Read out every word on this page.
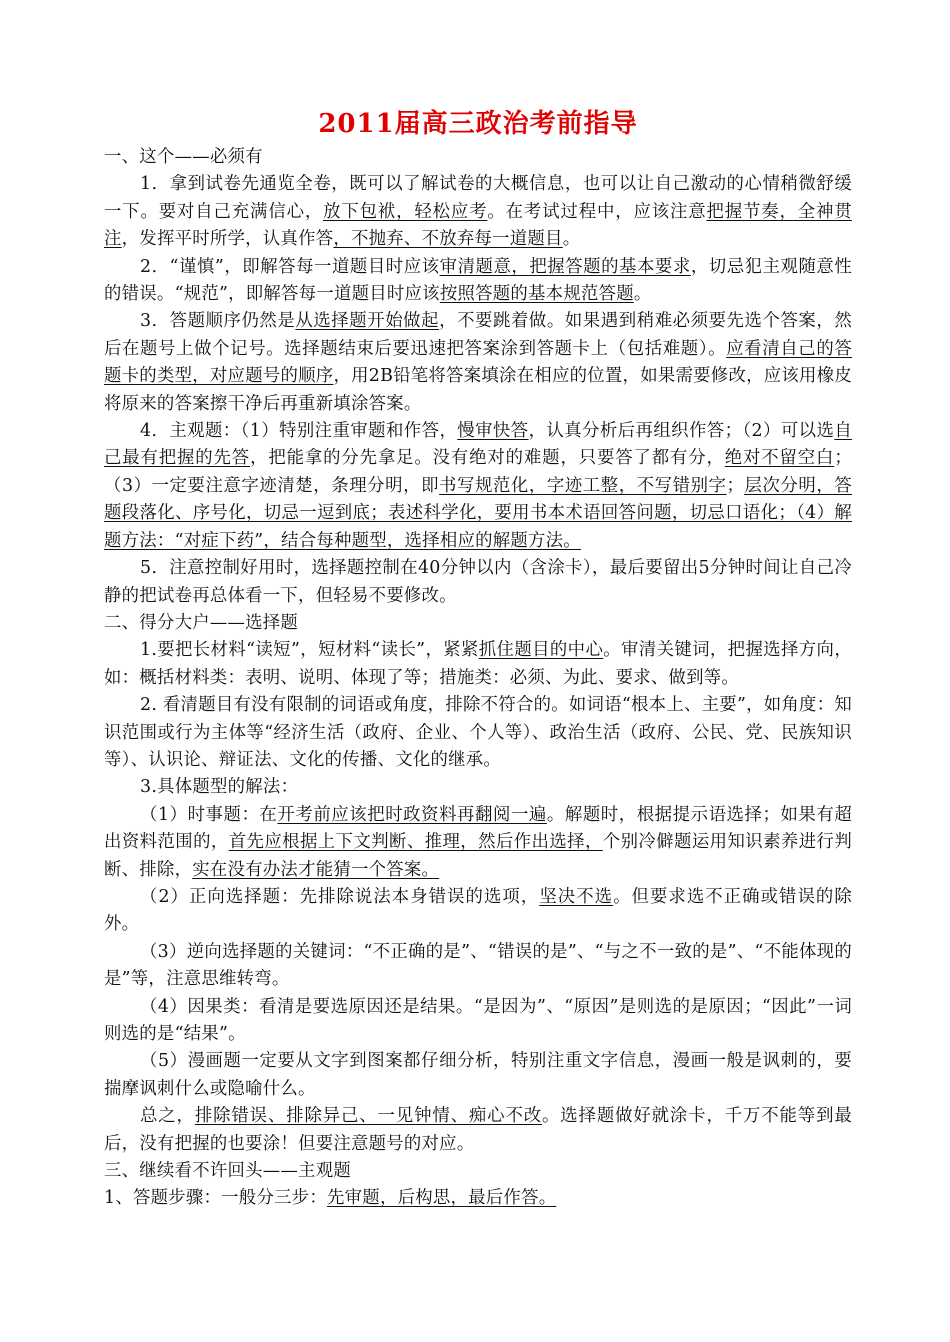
2011届高三政治考前指导

一、这个——必须有

1．拿到试卷先通览全卷，既可以了解试卷的大概信息，也可以让自己激动的心情稍微舒缓一下。要对自己充满信心，放下包袱，轻松应考。在考试过程中，应该注意把握节奏，全神贯注，发挥平时所学，认真作答，不抛弃、不放弃每一道题目。

2．“谨慎”，即解答每一道题目时应该审清题意，把握答题的基本要求，切忌犯主观随意性的错误。“规范”，即解答每一道题目时应该按照答题的基本规范答题。

3．答题顺序仍然是从选择题开始做起，不要跳着做。如果遇到稍难必须要先选个答案，然后在题号上做个记号。选择题结束后要迅速把答案涂到答题卡上（包括难题）。应看清自己的答题卡的类型，对应题号的顺序，用2B铅笔将答案填涂在相应的位置，如果需要修改，应该用橡皮将原来的答案擦干净后再重新填涂答案。

4．主观题：（1）特别注重审题和作答，慢审快答，认真分析后再组织作答；（2）可以选自己最有把握的先答，把能拿的分先拿足。没有绝对的难题，只要答了都有分，绝对不留空白；（3）一定要注意字迹清楚，条理分明，即书写规范化，字迹工整，不写错别字；层次分明，答题段落化、序号化，切忌一逗到底；表述科学化，要用书本术语回答问题，切忌口语化；（4）解题方法：“对症下药”，结合每种题型，选择相应的解题方法。

5．注意控制好用时，选择题控制在40分钟以内（含涂卡），最后要留出5分钟时间让自己冷静的把试卷再总体看一下，但轻易不要修改。

二、得分大户——选择题

1.要把长材料“读短”，短材料“读长”，紧紧抓住题目的中心。审清关键词，把握选择方向，如：概括材料类：表明、说明、体现了等；措施类：必须、为此、要求、做到等。

2. 看清题目有没有限制的词语或角度，排除不符合的。如词语“根本上、主要”，如角度：知识范围或行为主体等“经济生活（政府、企业、个人等）、政治生活（政府、公民、党、民族知识等）、认识论、辩证法、文化的传播、文化的继承。

3.具体题型的解法：

（1）时事题：在开考前应该把时政资料再翻阅一遍。解题时，根据提示语选择；如果有超出资料范围的，首先应根据上下文判断、推理，然后作出选择，个别冷僻题运用知识素养进行判断、排除，实在没有办法才能猜一个答案。

（2）正向选择题：先排除说法本身错误的选项，坚决不选。但要求选不正确或错误的除外。

（3）逆向选择题的关键词：“不正确的是”、“错误的是”、“与之不一致的是”、“不能体现的是”等，注意思维转弯。

（4）因果类：看清是要选原因还是结果。“是因为”、“原因”是则选的是原因；“因此”一词则选的是“结果”。

（5）漫画题一定要从文字到图案都仔细分析，特别注重文字信息，漫画一般是讽刺的，要揣摩讽刺什么或隐喻什么。

总之，排除错误、排除异己、一见钟情、痴心不改。选择题做好就涂卡，千万不能等到最后，没有把握的也要涂！但要注意题号的对应。

三、继续看不许回头——主观题

1、答题步骤：一般分三步：先审题，后构思，最后作答。
